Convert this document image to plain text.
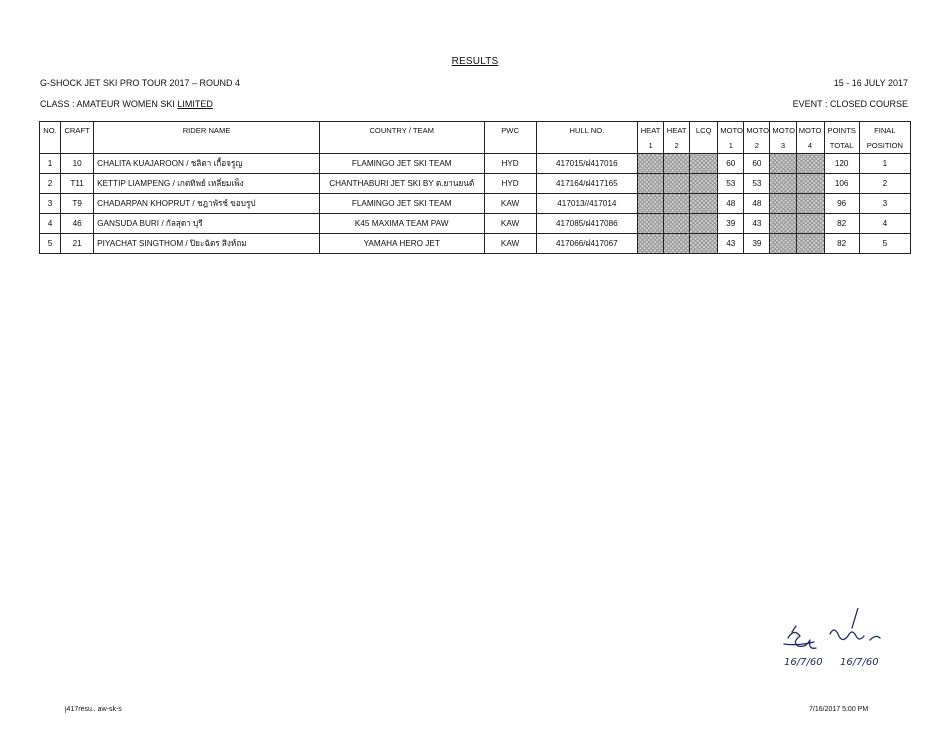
RESULTS
G-SHOCK JET SKI PRO TOUR 2017 – ROUND 4	15 - 16 JULY 2017
CLASS : AMATEUR WOMEN SKI LIMITED	EVENT : CLOSED COURSE
NO.	CRAFT	RIDER NAME	COUNTRY / TEAM	PWC	HULL NO.	HEAT	HEAT	LCQ	MOTO	MOTO	MOTO	MOTO	POINTS	FINAL
						1	2		1	2	3	4	TOTAL	POSITION
1	10	CHALITA KUAJAROON / ชลิตา เกื้อจรูญ	FLAMINGO JET SKI TEAM	HYD	417015/ฝ417016				60	60			120	1
2	T11	KETTIP LIAMPENG / เกตทิพย์ เหลี่ยมเพ็ง	CHANTHABURI JET SKI BY ต.ยานยนต์	HYD	417164/ฝ417165				53	53			106	2
3	T9	CHADARPAN KHOPRUT / ชฎาพัรช์ ขอบรูป	FLAMINGO JET SKI TEAM	KAW	417013//417014				48	48			96	3
4	46	GANSUDA BURI / กัลสุดา บุรี	K45 MAXIMA TEAM PAW	KAW	417085/ฝ417086				39	43			82	4
5	21	PIYACHAT SINGTHOM / ปิยะฉัตร สิงห์ถม	YAMAHA HERO JET	KAW	417066/ฝ417067				43	39			82	5
16/7/60 16/7/60
j417resu.. aw-sk-s	7/16/2017 5:00 PM
